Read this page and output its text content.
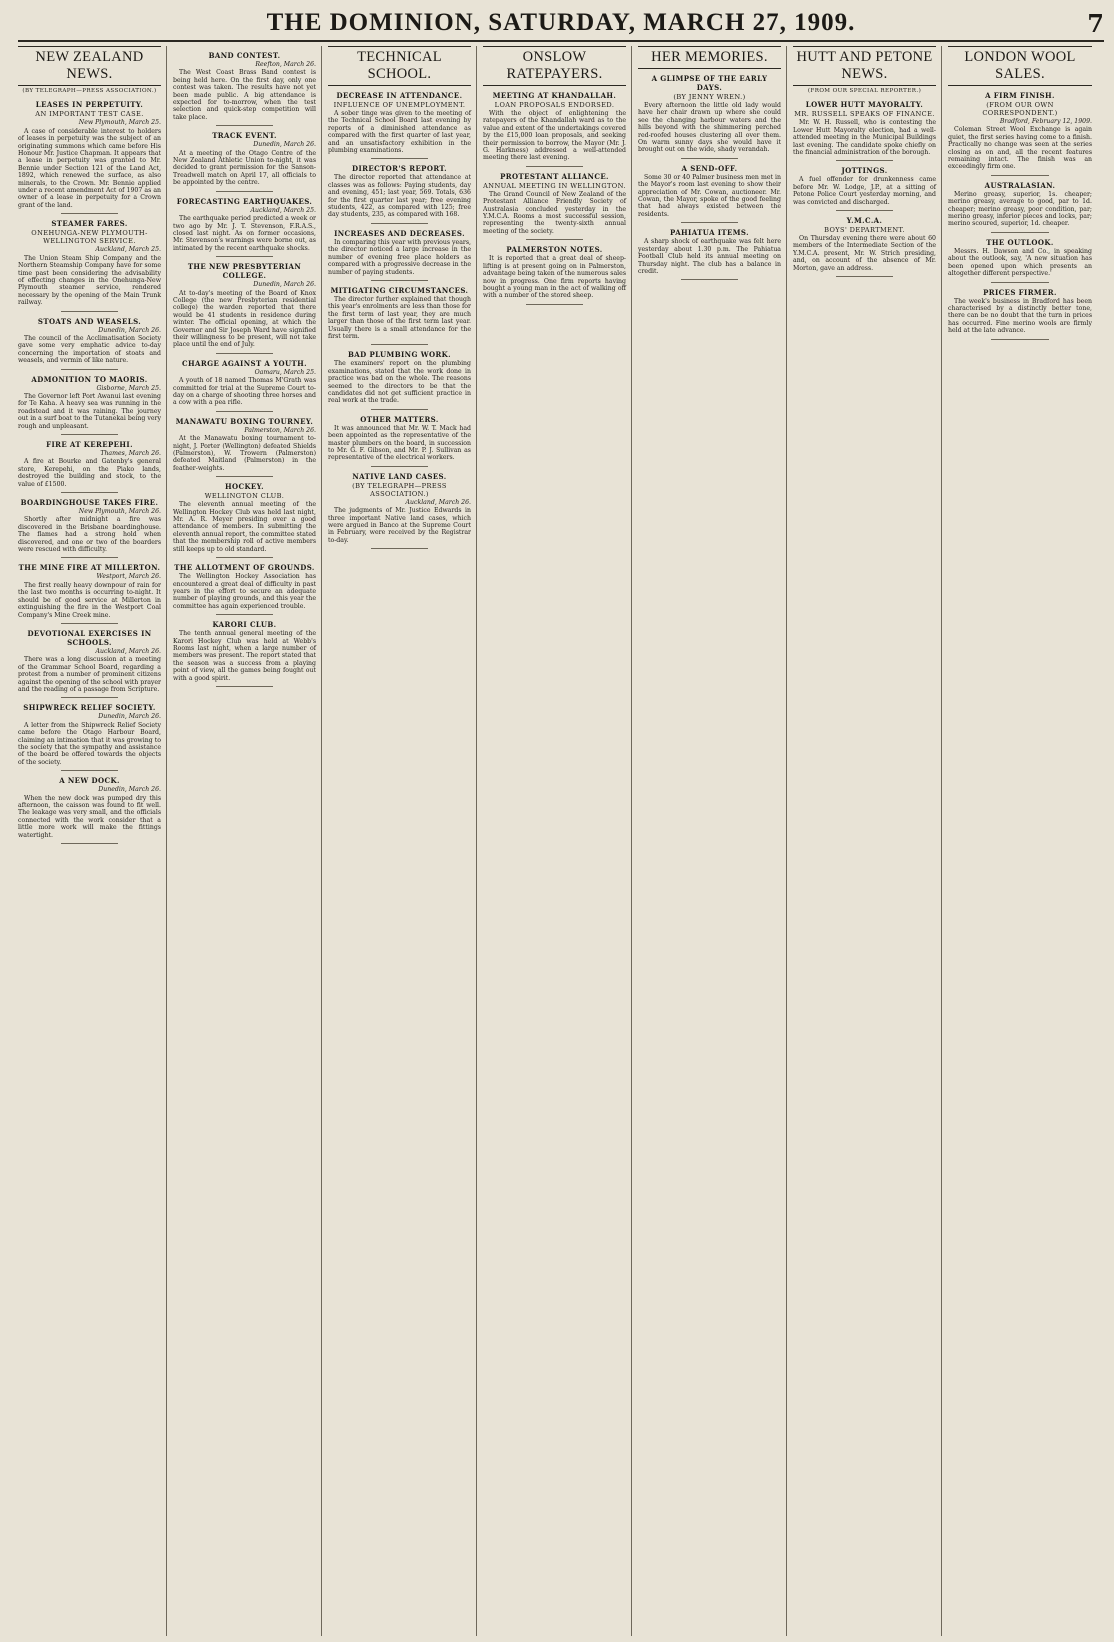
THE DOMINION, SATURDAY, MARCH 27, 1909.	7
NEW ZEALAND NEWS.
(BY TELEGRAPH—PRESS ASSOCIATION.)
LEASES IN PERPETUITY.
AN IMPORTANT TEST CASE.
New Plymouth, March 25.

A case of considerable interest to holders of leases in perpetuity was the subject of an originating summons which came before His Honour Mr. Justice Chapman. It appears that a lease in perpetuity was granted to Mr. Bennie under Section 121 of the Land Act, 1892, which renewed the surface, as also minerals, to the Crown. Mr. Bennie applied under a recent amendment Act of 1907 as an owner of a lease in perpetuity for a Crown grant of the land.

STEAMER FARES.
ONEHUNGA-NEW PLYMOUTH-WELLINGTON SERVICE.
Auckland, March 25.

The Union Steam Ship Company and the Northern Steamship Company have for some time past been considering the advisability of effecting changes in the Onehunga-New Plymouth steamer service, rendered necessary by the opening of the Main Trunk railway.

STOATS AND WEASELS.
Dunedin, March 26.

The council of the Acclimatisation Society gave some very emphatic advice to-day concerning the importation of stoats and weasels, and vermin of like nature.

ADMONITION TO MAORIS.
Gisborne, March 25.

The Governor left Port Awanui last evening for Te Kaha. A heavy sea was running in the roadstead and it was raining. The journey out in a surf boat to the Tutanekai being very rough and unpleasant.

FIRE AT KEREPEHI.
Thames, March 26.

A fire at Bourke and Gatenby's general store, Kerepehi, on the Piako lands, destroyed the building and stock, to the value of £1500.

BOARDINGHOUSE TAKES FIRE.
New Plymouth, March 26.

Shortly after midnight a fire was discovered in the Brisbane boardinghouse. The flames had a strong hold when discovered, and one or two of the boarders were rescued with difficulty.

THE MINE FIRE AT MILLERTON.
Westport, March 26.

The first really heavy downpour of rain for the last two months is occurring to-night. It should be of good service at Millerton in extinguishing the fire in the Westport Coal Company's Mine Creek mine.

DEVOTIONAL EXERCISES IN SCHOOLS.
Auckland, March 26.

There was a long discussion at a meeting of the Grammar School Board, regarding a protest from a number of prominent citizens against the opening of the school with prayer and the reading of a passage from Scripture.

SHIPWRECK RELIEF SOCIETY.
Dunedin, March 26.

A letter from the Shipwreck Relief Society came before the Otago Harbour Board, claiming an intimation that it was growing to the society that the sympathy and assistance of the board be offered towards the objects of the society.

A NEW DOCK.
Dunedin, March 26.

When the new dock was pumped dry this afternoon, the caisson was found to fit well. The leakage was very small, and the officials connected with the work consider that a little more work will make the fittings watertight.

BAND CONTEST.
Reefton, March 26.

The West Coast Brass Band contest is being held here. On the first day, only one contest was taken. The results have not yet been made public. A big attendance is expected for to-morrow, when the test selection and quick-step competition will take place.

TRACK EVENT.
Dunedin, March 26.

At a meeting of the Otago Centre of the New Zealand Athletic Union to-night, it was decided to grant permission for the Sanson-Treadwell match on April 17, all officials to be appointed by the centre.

FORECASTING EARTHQUAKES.
Auckland, March 25.

The earthquake period predicted a week or two ago by Mr. J. T. Stevenson, F.R.A.S., closed last night. As on former occasions, Mr. Stevenson's warnings were borne out, as intimated by the recent earthquake shocks.

THE NEW PRESBYTERIAN COLLEGE.
Dunedin, March 26.

At to-day's meeting of the Board of Knox College (the new Presbyterian residential college) the warden reported that there would be 41 students in residence during winter. The official opening, at which the Governor and Sir Joseph Ward have signified their willingness to be present, will not take place until the end of July.

CHARGE AGAINST A YOUTH.
Oamaru, March 25.

A youth of 18 named Thomas M'Grath was committed for trial at the Supreme Court to-day on a charge of shooting three horses and a cow with a pea rifle.

MANAWATU BOXING TOURNEY.
Palmerston, March 26.

At the Manawatu boxing tournament to-night, J. Porter (Wellington) defeated Shields (Palmerston), W. Trowern (Palmerston) defeated Maitland (Palmerston) in the feather-weights.

HOCKEY.
WELLINGTON CLUB.

The eleventh annual meeting of the Wellington Hockey Club was held last night, Mr. A. R. Meyer presiding over a good attendance of members. In submitting the eleventh annual report, the committee stated that the membership roll of active members still keeps up to old standard.

THE ALLOTMENT OF GROUNDS.

The Wellington Hockey Association has encountered a great deal of difficulty in past years in the effort to secure an adequate number of playing grounds, and this year the committee has again experienced trouble.

KARORI CLUB.

The tenth annual general meeting of the Karori Hockey Club was held at Webb's Rooms last night, when a large number of members was present. The report stated that the season was a success from a playing point of view, all the games being fought out with a good spirit.

TECHNICAL SCHOOL.
DECREASE IN ATTENDANCE.
INFLUENCE OF UNEMPLOYMENT.

A sober tinge was given to the meeting of the Technical School Board last evening by reports of a diminished attendance as compared with the first quarter of last year, and an unsatisfactory exhibition in the plumbing examinations.

DIRECTOR'S REPORT.

The director reported that attendance at classes was as follows: Paying students, day and evening, 451; last year, 569. Totals, 636 for the first quarter last year; free evening students, 422, as compared with 125; free day students, 235, as compared with 168.

INCREASES AND DECREASES.

In comparing this year with previous years, the director noticed a large increase in the number of evening free place holders as compared with a progressive decrease in the number of paying students.

MITIGATING CIRCUMSTANCES.

The director further explained that though this year's enrolments are less than those for the first term of last year, they are much larger than those of the first term last year. Usually there is a small attendance for the first term.

BAD PLUMBING WORK.

The examiners' report on the plumbing examinations, stated that the work done in practice was bad on the whole. The reasons seemed to the directors to be that the candidates did not get sufficient practice in real work at the trade.

OTHER MATTERS.

It was announced that Mr. W. T. Mack had been appointed as the representative of the master plumbers on the board, in succession to Mr. G. F. Gibson, and Mr. P. J. Sullivan as representative of the electrical workers.

NATIVE LAND CASES.
(BY TELEGRAPH—PRESS ASSOCIATION.)
Auckland, March 26.

The judgments of Mr. Justice Edwards in three important Native land cases, which were argued in Banco at the Supreme Court in February, were received by the Registrar to-day.

ONSLOW RATEPAYERS.
MEETING AT KHANDALLAH.
LOAN PROPOSALS ENDORSED.

With the object of enlightening the ratepayers of the Khandallah ward as to the value and extent of the undertakings covered by the £15,000 loan proposals, and seeking their permission to borrow, the Mayor (Mr. J. G. Harkness) addressed a well-attended meeting there last evening.

PROTESTANT ALLIANCE.
ANNUAL MEETING IN WELLINGTON.

The Grand Council of New Zealand of the Protestant Alliance Friendly Society of Australasia concluded yesterday in the Y.M.C.A. Rooms a most successful session, representing the twenty-sixth annual meeting of the society.

PALMERSTON NOTES.

It is reported that a great deal of sheep-lifting is at present going on in Palmerston, advantage being taken of the numerous sales now in progress. One firm reports having bought a young man in the act of walking off with a number of the stored sheep.

HER MEMORIES.
A GLIMPSE OF THE EARLY DAYS.
(BY JENNY WREN.)

Every afternoon the little old lady would have her chair drawn up where she could see the changing harbour waters and the hills beyond with the shimmering perched red-roofed houses clustering all over them. On warm sunny days she would have it brought out on the wide, shady verandah.

A SEND-OFF.

Some 30 or 40 Palmer business men met in the Mayor's room last evening to show their appreciation of Mr. Cowan, auctioneer. Mr. Cowan, the Mayor, spoke of the good feeling that had always existed between the residents.

PAHIATUA ITEMS.

A sharp shock of earthquake was felt here yesterday about 1.30 p.m. The Pahiatua Football Club held its annual meeting on Thursday night. The club has a balance in credit.

HUTT AND PETONE NEWS.
(FROM OUR SPECIAL REPORTER.)
LOWER HUTT MAYORALTY.
MR. RUSSELL SPEAKS OF FINANCE.

Mr. W. H. Russell, who is contesting the Lower Hutt Mayoralty election, had a well-attended meeting in the Municipal Buildings last evening. The candidate spoke chiefly on the financial administration of the borough.

JOTTINGS.

A fuel offender for drunkenness came before Mr. W. Lodge, J.P., at a sitting of Petone Police Court yesterday morning, and was convicted and discharged.

Y.M.C.A.
BOYS' DEPARTMENT.

On Thursday evening there were about 60 members of the Intermediate Section of the Y.M.C.A. present, Mr. W. Strich presiding, and, on account of the absence of Mr. Morton, gave an address.

LONDON WOOL SALES.
A FIRM FINISH.
(FROM OUR OWN CORRESPONDENT.)
Bradford, February 12, 1909.

Coleman Street Wool Exchange is again quiet, the first series having come to a finish. Practically no change was seen at the series closing as on and, all the recent features remaining intact. The finish was an exceedingly firm one.

AUSTRALASIAN.

Merino greasy, superior, 1s. cheaper; merino greasy, average to good, par to 1d. cheaper; merino greasy, poor condition, par; merino greasy, inferior pieces and locks, par; merino scoured, superior, 1d. cheaper.

THE OUTLOOK.

Messrs. H. Dawson and Co., in speaking about the outlook, say, 'A new situation has been opened upon which presents an altogether different perspective.'

PRICES FIRMER.

The week's business in Bradford has been characterised by a distinctly better tone, there can be no doubt that the turn in prices has occurred. Fine merino wools are firmly held at the late advance.
